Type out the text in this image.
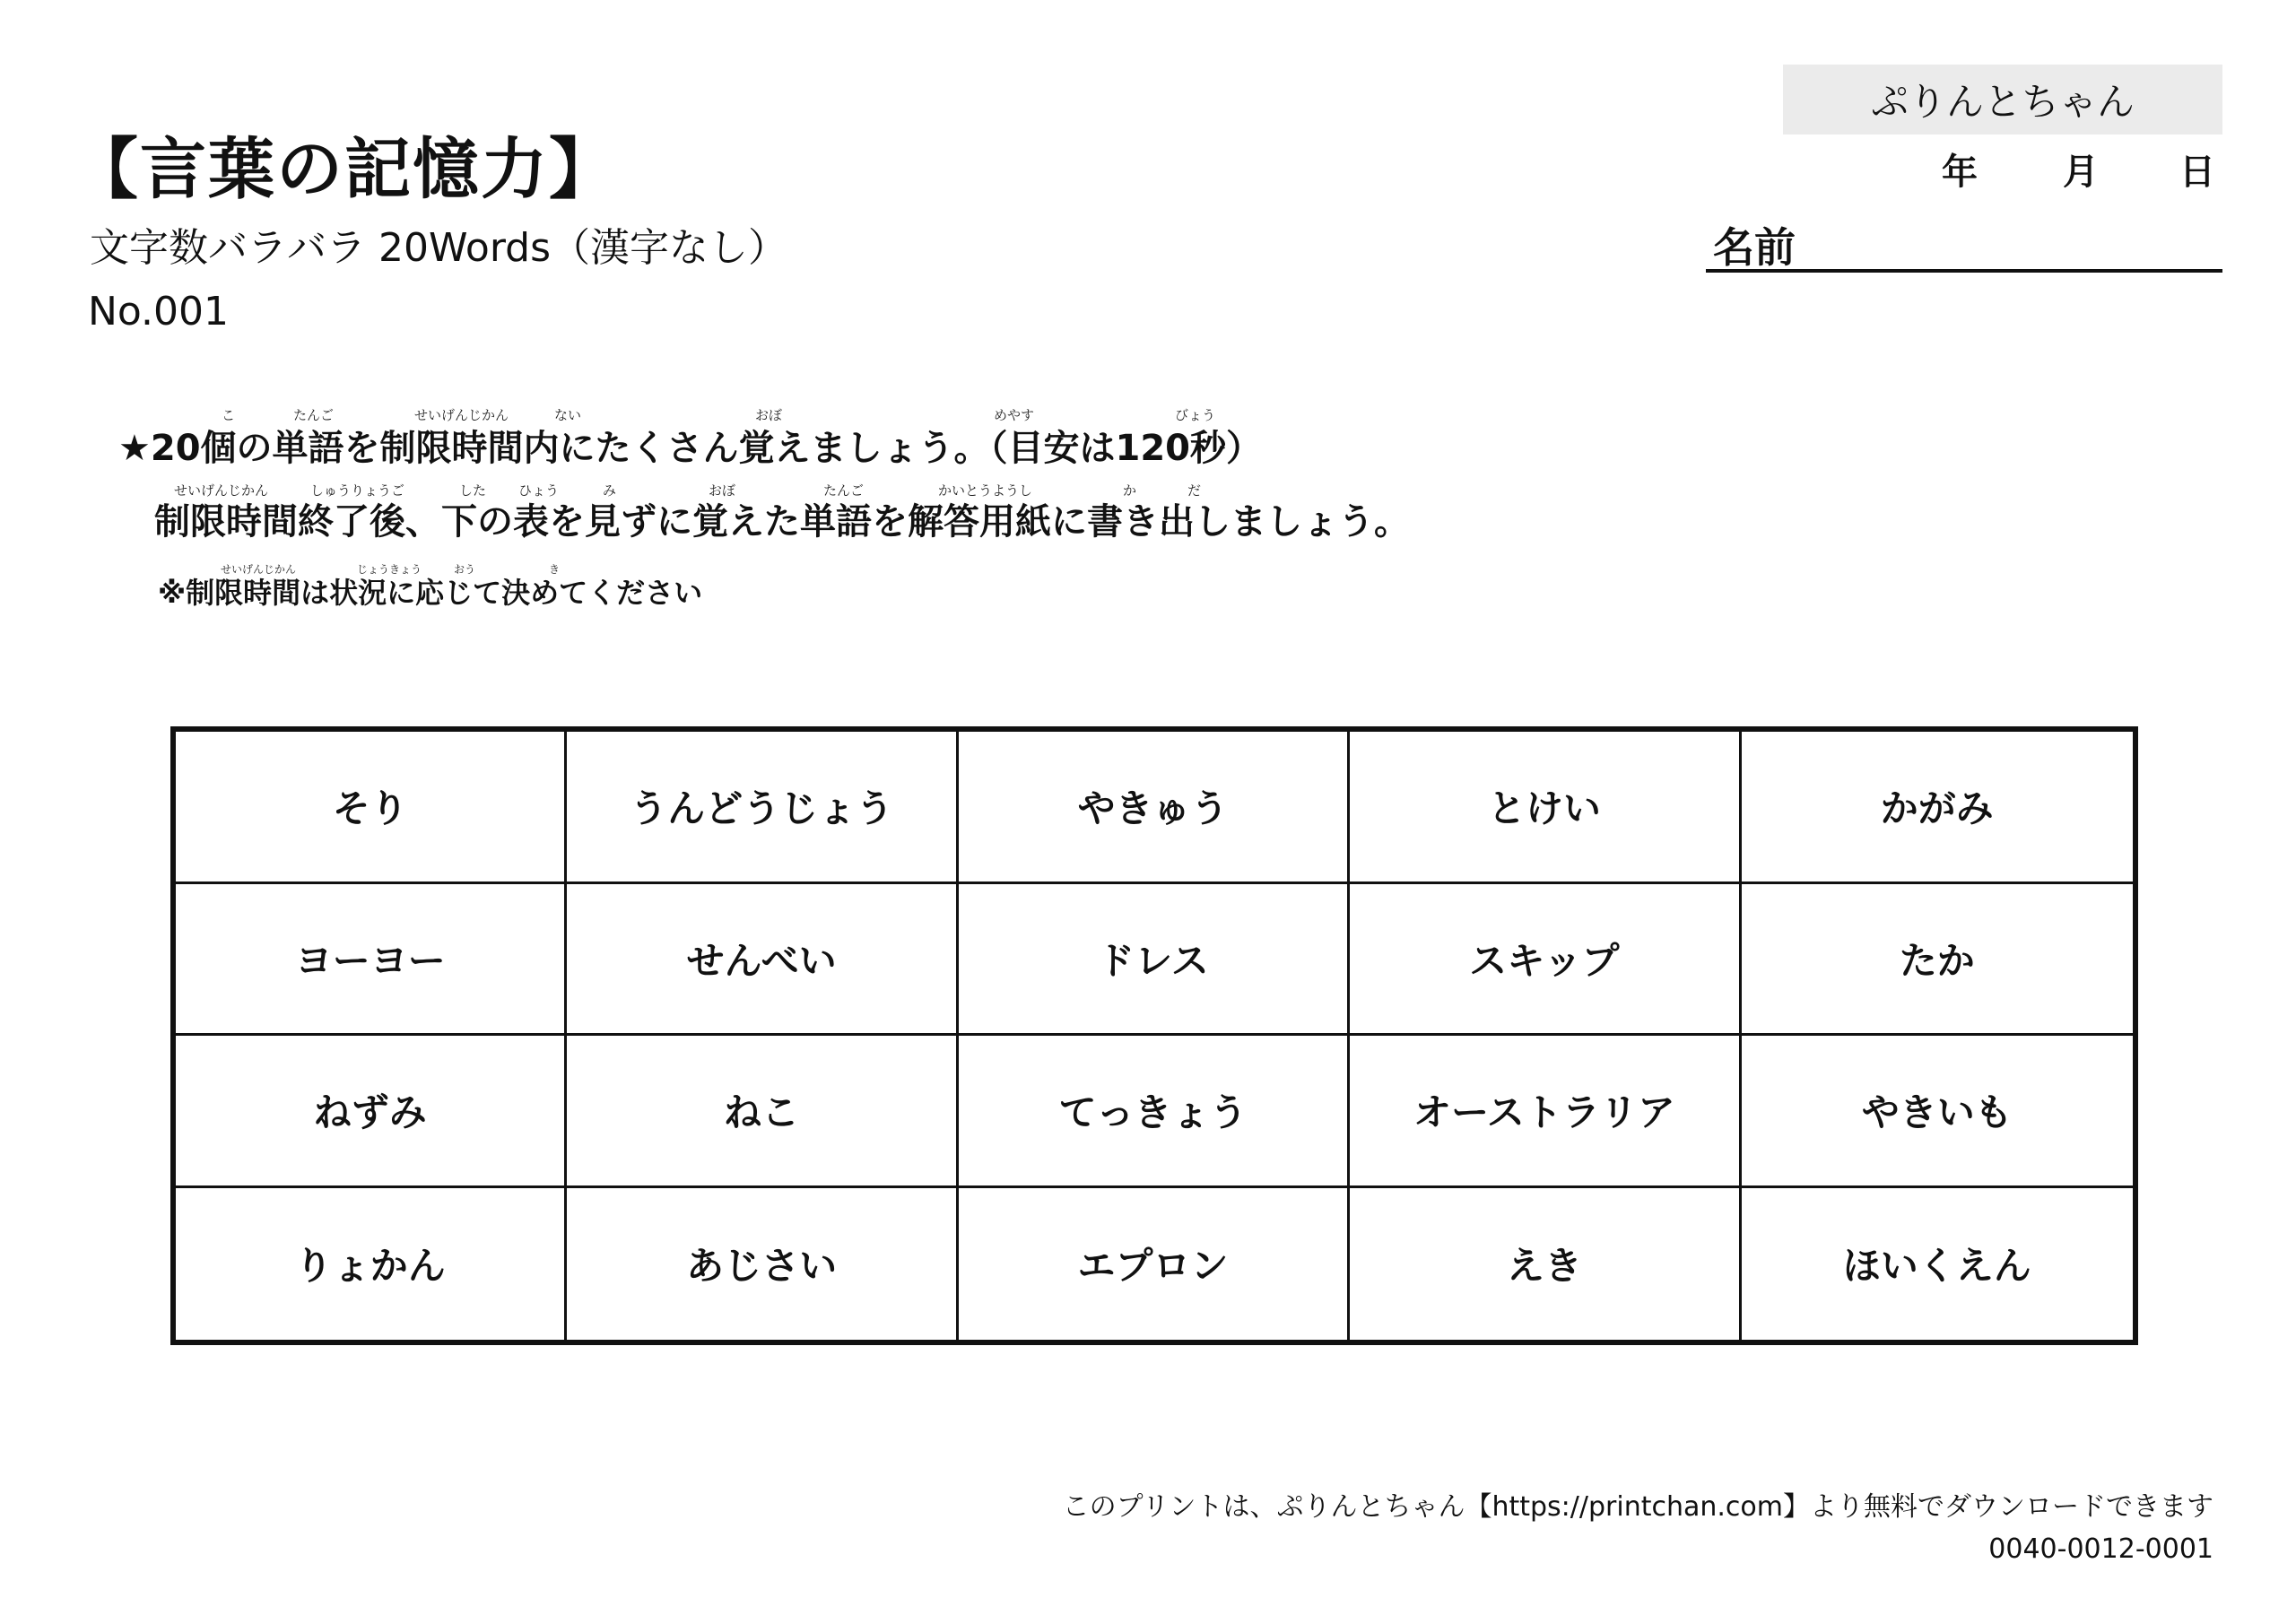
【言葉の記憶力】
文字数バラバラ 20Words（漢字なし）
No.001
ぷりんとちゃん
年 月 日
名前
こ	たんご	せいげんじかん	ない	おぼ	めやす	びょう
せいげんじかん	しゅうりょうご	した ひょう	み	おぼ	たんご	かいとうようし	か	だ
せいげんじかん	じょうきょう	おう	き
★20個の単語を制限時間内にたくさん覚えましょう。（目安は120秒）
制限時間終了後、下の表を見ずに覚えた単語を解答用紙に書き出しましょう。
※制限時間は状況に応じて決めてください
そり	うんどうじょう	やきゅう	とけい	かがみ
ヨーヨー	せんべい	ドレス	スキップ	たか
ねずみ	ねこ	てっきょう	オーストラリア	やきいも
りょかん	あじさい	エプロン	えき	ほいくえん
このプリントは、ぷりんとちゃん【https://printchan.com】より無料でダウンロードできます
0040-0012-0001
